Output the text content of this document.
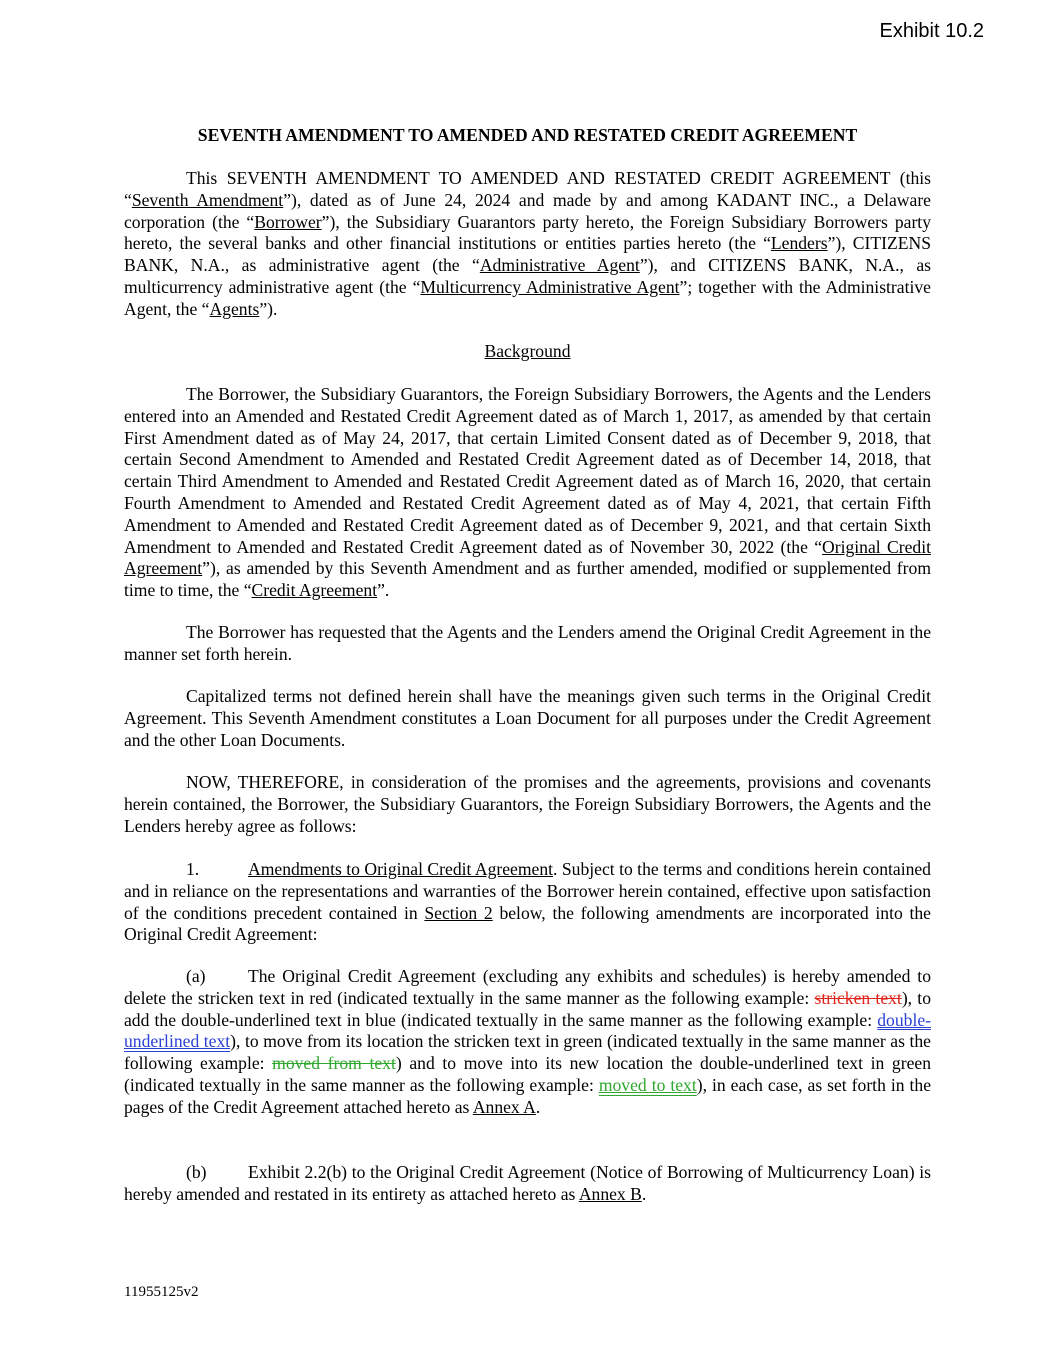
Exhibit 10.2
SEVENTH AMENDMENT TO AMENDED AND RESTATED CREDIT AGREEMENT

This SEVENTH AMENDMENT TO AMENDED AND RESTATED CREDIT AGREEMENT (this “Seventh Amendment”), dated as of June 24, 2024 and made by and among KADANT INC., a Delaware corporation (the “Borrower”), the Subsidiary Guarantors party hereto, the Foreign Subsidiary Borrowers party hereto, the several banks and other financial institutions or entities parties hereto (the “Lenders”), CITIZENS BANK, N.A., as administrative agent (the “Administrative Agent”), and CITIZENS BANK, N.A., as multicurrency administrative agent (the “Multicurrency Administrative Agent”; together with the Administrative Agent, the “Agents”).

Background

The Borrower, the Subsidiary Guarantors, the Foreign Subsidiary Borrowers, the Agents and the Lenders entered into an Amended and Restated Credit Agreement dated as of March 1, 2017, as amended by that certain First Amendment dated as of May 24, 2017, that certain Limited Consent dated as of December 9, 2018, that certain Second Amendment to Amended and Restated Credit Agreement dated as of December 14, 2018, that certain Third Amendment to Amended and Restated Credit Agreement dated as of March 16, 2020, that certain Fourth Amendment to Amended and Restated Credit Agreement dated as of May 4, 2021, that certain Fifth Amendment to Amended and Restated Credit Agreement dated as of December 9, 2021, and that certain Sixth Amendment to Amended and Restated Credit Agreement dated as of November 30, 2022 (the “Original Credit Agreement”), as amended by this Seventh Amendment and as further amended, modified or supplemented from time to time, the “Credit Agreement”.

The Borrower has requested that the Agents and the Lenders amend the Original Credit Agreement in the manner set forth herein.

Capitalized terms not defined herein shall have the meanings given such terms in the Original Credit Agreement. This Seventh Amendment constitutes a Loan Document for all purposes under the Credit Agreement and the other Loan Documents.

NOW, THEREFORE, in consideration of the promises and the agreements, provisions and covenants herein contained, the Borrower, the Subsidiary Guarantors, the Foreign Subsidiary Borrowers, the Agents and the Lenders hereby agree as follows:

1.	Amendments to Original Credit Agreement. Subject to the terms and conditions herein contained and in reliance on the representations and warranties of the Borrower herein contained, effective upon satisfaction of the conditions precedent contained in Section 2 below, the following amendments are incorporated into the Original Credit Agreement:

(a) The Original Credit Agreement (excluding any exhibits and schedules) is hereby amended to delete the stricken text in red (indicated textually in the same manner as the following example: stricken text), to add the double-underlined text in blue (indicated textually in the same manner as the following example: double-underlined text), to move from its location the stricken text in green (indicated textually in the same manner as the following example: moved from text) and to move into its new location the double-underlined text in green (indicated textually in the same manner as the following example: moved to text), in each case, as set forth in the pages of the Credit Agreement attached hereto as Annex A.

(b) Exhibit 2.2(b) to the Original Credit Agreement (Notice of Borrowing of Multicurrency Loan) is hereby amended and restated in its entirety as attached hereto as Annex B.

11955125v2
